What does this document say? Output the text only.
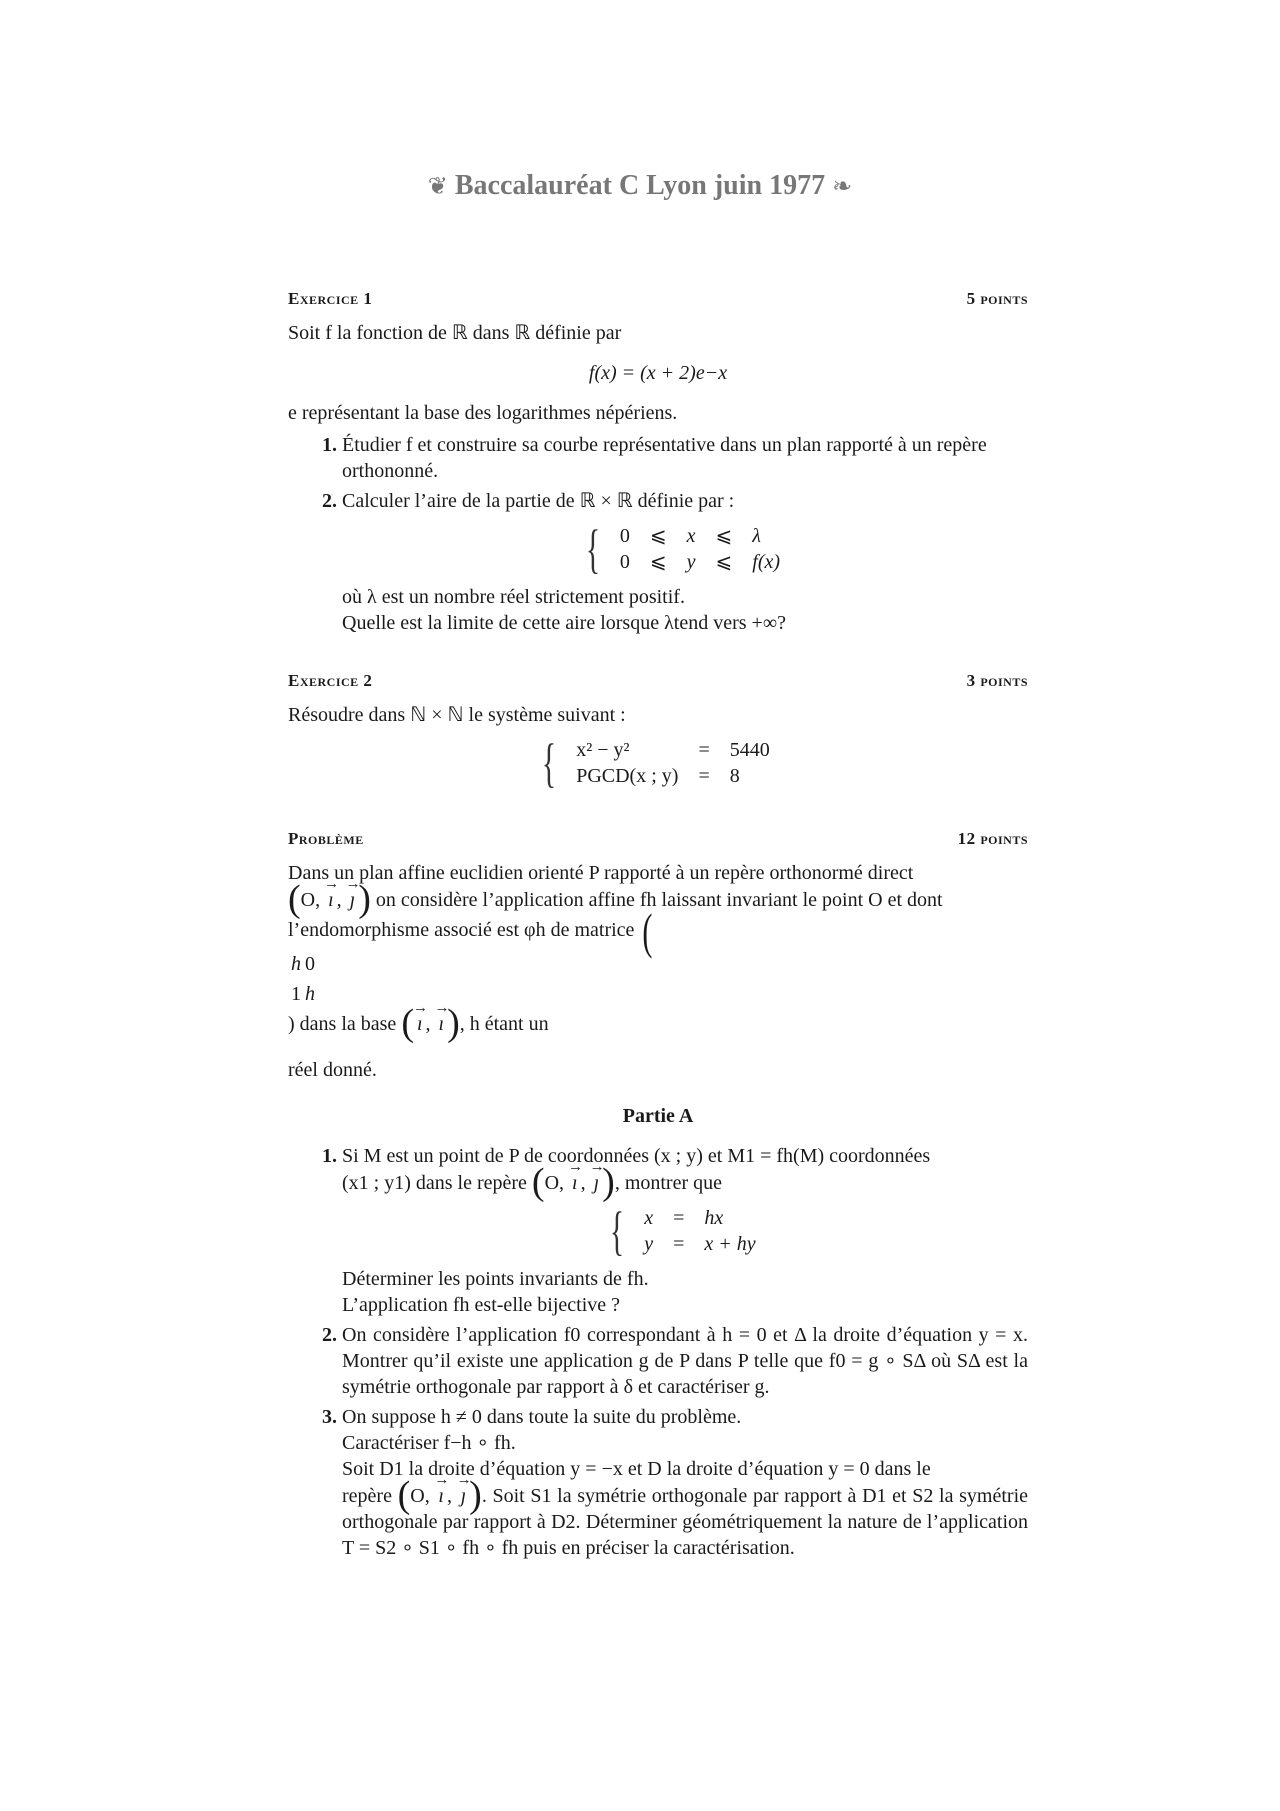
❦ Baccalauréat C Lyon juin 1977 ❧
Exercice 1	5 points

Soit f la fonction de ℝ dans ℝ définie par

f(x) = (x + 2)e−x

e représentant la base des logarithmes népériens.

1. Étudier f et construire sa courbe représentative dans un plan rapporté à un repère orthononné.
2. Calculer l’aire de la partie de ℝ × ℝ définie par :
{ 0	⩽	x	⩽	λ
0	⩽	y	⩽	f(x)
où λ est un nombre réel strictement positif.
Quelle est la limite de cette aire lorsque λtend vers +∞?
Exercice 2	3 points

Résoudre dans ℕ × ℕ le système suivant :

{ x² − y²	=	5440
PGCD(x ; y)	=	8
Problème	12 points

Dans un plan affine euclidien orienté P rapporté à un repère orthonormé direct

(O, → ı , → ȷ) on considère l’application affine fh laissant invariant le point O et dont

l’endomorphisme associé est φh de matrice (

h	0
1	h
) dans la base ( → ı , → ı), h étant un

réel donné.

Partie A
1. Si M est un point de P de coordonnées (x ; y) et M1 = fh(M) coordonnées
(x1 ; y1) dans le repère (O, → ı , → ȷ), montrer que
{ x	=	hx
y	=	x + hy
Déterminer les points invariants de fh.
L’application fh est-elle bijective ?
2. On considère l’application f0 correspondant à h = 0 et Δ la droite d’équation y = x. Montrer qu’il existe une application g de P dans P telle que f0 = g ∘ SΔ où SΔ est la symétrie orthogonale par rapport à δ et caractériser g.
3. On suppose h ≠ 0 dans toute la suite du problème.
Caractériser f−h ∘ fh.
Soit D1 la droite d’équation y = −x et D la droite d’équation y = 0 dans le
repère (O, → ı , → ȷ). Soit S1 la symétrie orthogonale par rapport à D1 et S2 la symétrie orthogonale par rapport à D2. Déterminer géométriquement la nature de l’application T = S2 ∘ S1 ∘ fh ∘ fh puis en préciser la caractérisation.
